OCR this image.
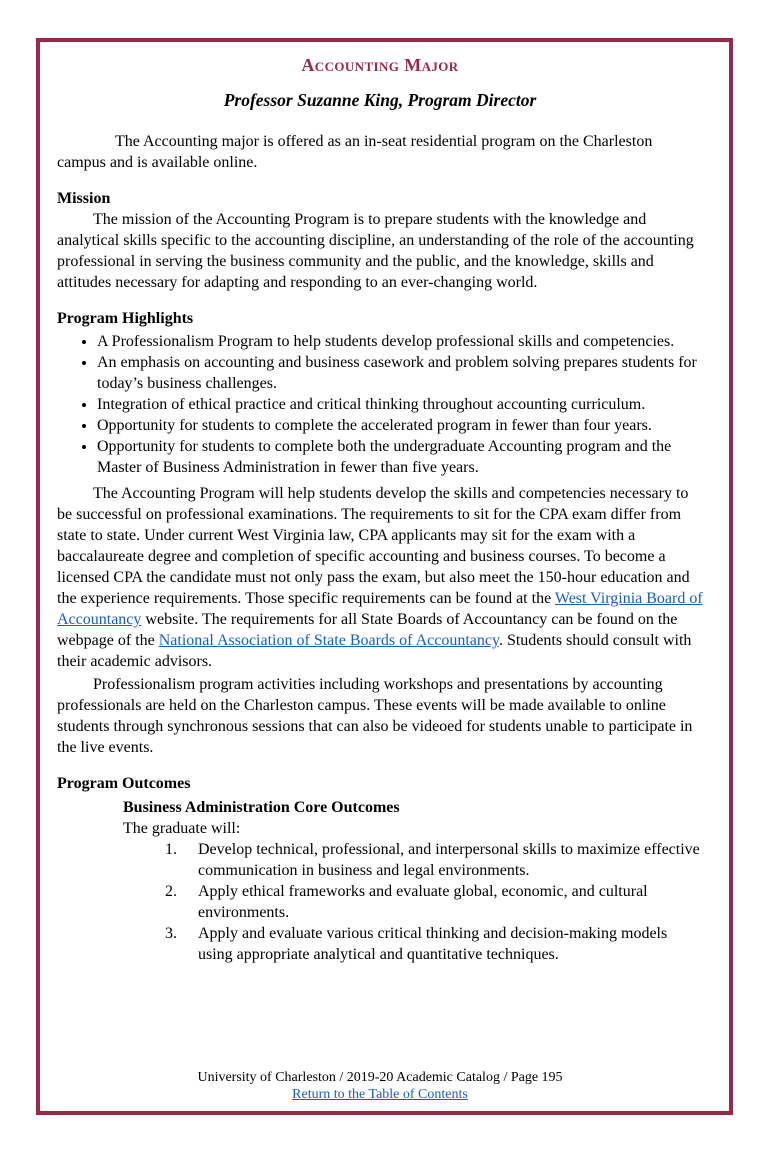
Accounting Major
Professor Suzanne King, Program Director

The Accounting major is offered as an in-seat residential program on the Charleston campus and is available online.

Mission

The mission of the Accounting Program is to prepare students with the knowledge and analytical skills specific to the accounting discipline, an understanding of the role of the accounting professional in serving the business community and the public, and the knowledge, skills and attitudes necessary for adapting and responding to an ever-changing world.

Program Highlights
• A Professionalism Program to help students develop professional skills and competencies.
• An emphasis on accounting and business casework and problem solving prepares students for today’s business challenges.
• Integration of ethical practice and critical thinking throughout accounting curriculum.
• Opportunity for students to complete the accelerated program in fewer than four years.
• Opportunity for students to complete both the undergraduate Accounting program and the Master of Business Administration in fewer than five years.

The Accounting Program will help students develop the skills and competencies necessary to be successful on professional examinations. The requirements to sit for the CPA exam differ from state to state. Under current West Virginia law, CPA applicants may sit for the exam with a baccalaureate degree and completion of specific accounting and business courses. To become a licensed CPA the candidate must not only pass the exam, but also meet the 150-hour education and the experience requirements. Those specific requirements can be found at the West Virginia Board of Accountancy website. The requirements for all State Boards of Accountancy can be found on the webpage of the National Association of State Boards of Accountancy. Students should consult with their academic advisors.

Professionalism program activities including workshops and presentations by accounting professionals are held on the Charleston campus. These events will be made available to online students through synchronous sessions that can also be videoed for students unable to participate in the live events.

Program Outcomes
Business Administration Core Outcomes
The graduate will:
1.	Develop technical, professional, and interpersonal skills to maximize effective communication in business and legal environments.
2.	Apply ethical frameworks and evaluate global, economic, and cultural environments.
3.	Apply and evaluate various critical thinking and decision-making models using appropriate analytical and quantitative techniques.

University of Charleston / 2019-20 Academic Catalog / Page 195

Return to the Table of Contents
